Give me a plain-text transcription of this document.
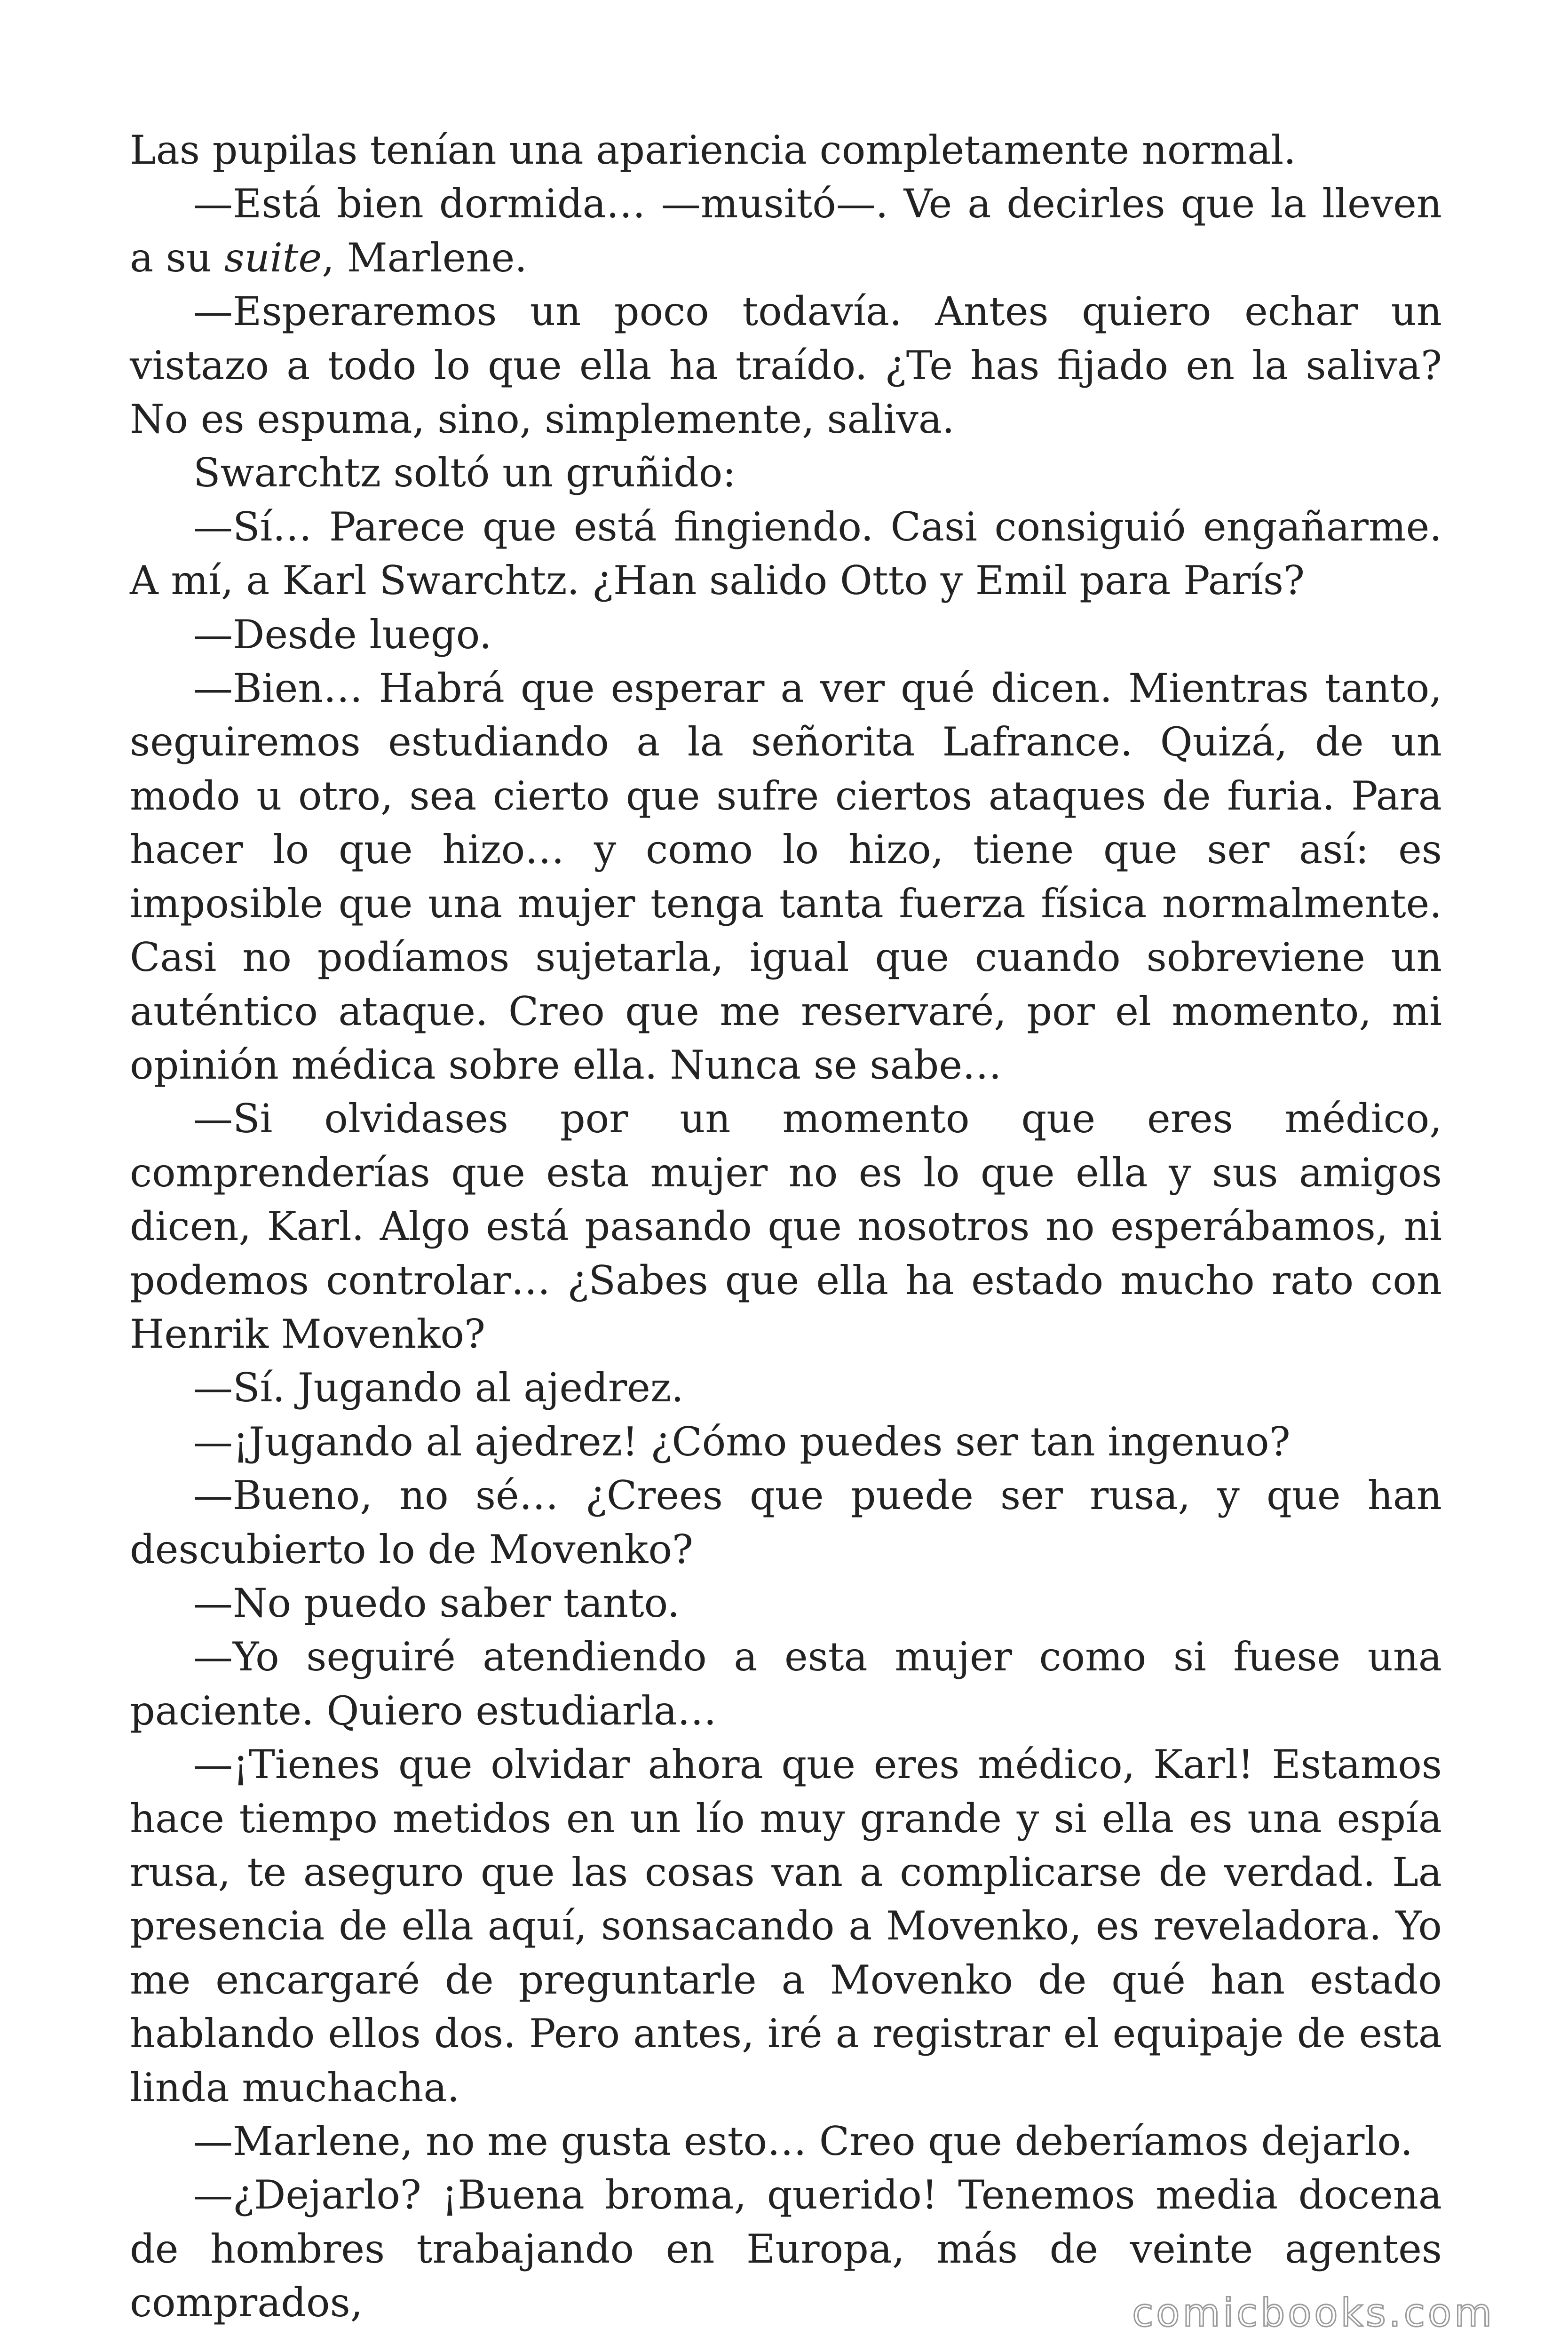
Las pupilas tenían una apariencia completamente normal.

—Está bien dormida… —musitó—. Ve a decirles que la lleven a su suite, Marlene.

—Esperaremos un poco todavía. Antes quiero echar un vistazo a todo lo que ella ha traído. ¿Te has fijado en la saliva? No es espuma, sino, simplemente, saliva.

Swarchtz soltó un gruñido:

—Sí… Parece que está fingiendo. Casi consiguió engañarme. A mí, a Karl Swarchtz. ¿Han salido Otto y Emil para París?

—Desde luego.

—Bien… Habrá que esperar a ver qué dicen. Mientras tanto, seguiremos estudiando a la señorita Lafrance. Quizá, de un modo u otro, sea cierto que sufre ciertos ataques de furia. Para hacer lo que hizo… y como lo hizo, tiene que ser así: es imposible que una mujer tenga tanta fuerza física normalmente. Casi no podíamos sujetarla, igual que cuando sobreviene un auténtico ataque. Creo que me reservaré, por el momento, mi opinión médica sobre ella. Nunca se sabe…

—Si olvidases por un momento que eres médico, comprenderías que esta mujer no es lo que ella y sus amigos dicen, Karl. Algo está pasando que nosotros no esperábamos, ni podemos controlar… ¿Sabes que ella ha estado mucho rato con Henrik Movenko?

—Sí. Jugando al ajedrez.

—¡Jugando al ajedrez! ¿Cómo puedes ser tan ingenuo?

—Bueno, no sé… ¿Crees que puede ser rusa, y que han descubierto lo de Movenko?

—No puedo saber tanto.

—Yo seguiré atendiendo a esta mujer como si fuese una paciente. Quiero estudiarla…

—¡Tienes que olvidar ahora que eres médico, Karl! Estamos hace tiempo metidos en un lío muy grande y si ella es una espía rusa, te aseguro que las cosas van a complicarse de verdad. La presencia de ella aquí, sonsacando a Movenko, es reveladora. Yo me encargaré de preguntarle a Movenko de qué han estado hablando ellos dos. Pero antes, iré a registrar el equipaje de esta linda muchacha.

—Marlene, no me gusta esto… Creo que deberíamos dejarlo.

—¿Dejarlo? ¡Buena broma, querido! Tenemos media docena de hombres trabajando en Europa, más de veinte agentes comprados,	comicbooks.com
